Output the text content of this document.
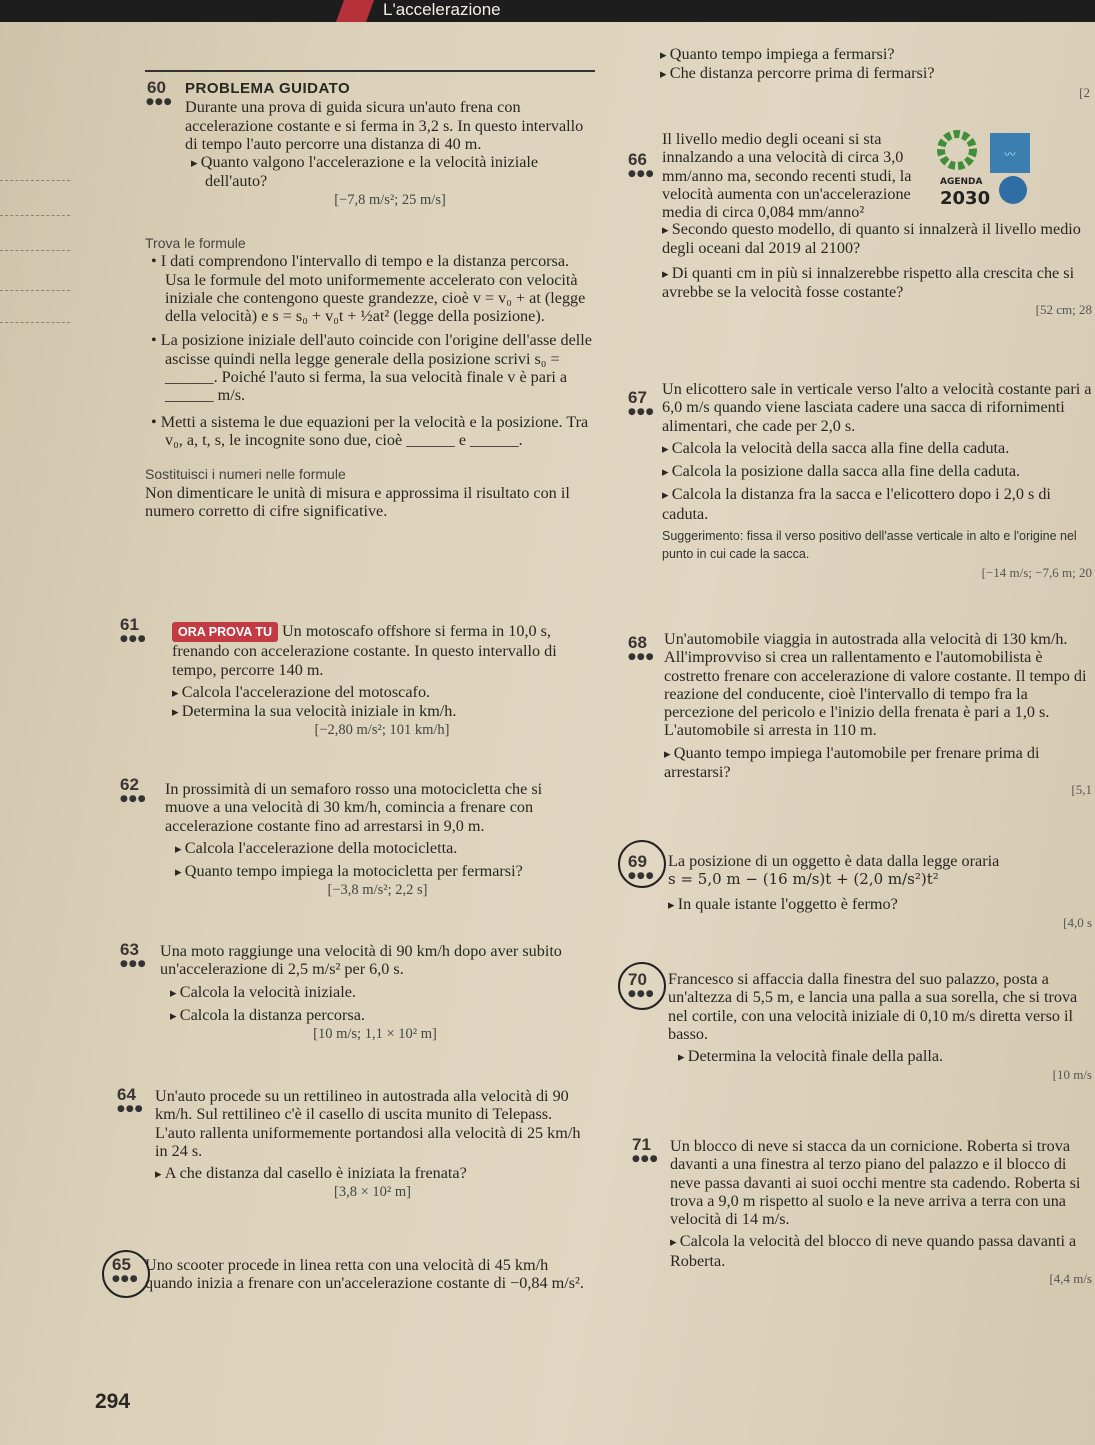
L'accelerazione
60
●●●
PROBLEMA GUIDATO

Durante una prova di guida sicura un'auto frena con accelerazione costante e si ferma in 3,2 s. In questo intervallo di tempo l'auto percorre una distanza di 40 m.

▸ Quanto valgono l'accelerazione e la velocità iniziale dell'auto?

[−7,8 m/s²; 25 m/s]

Trova le formule

• I dati comprendono l'intervallo di tempo e la distanza percorsa. Usa le formule del moto uniformemente accelerato con velocità iniziale che contengono queste grandezze, cioè v = v₀ + at (legge della velocità) e s = s₀ + v₀t + ½at² (legge della posizione).

• La posizione iniziale dell'auto coincide con l'origine dell'asse delle ascisse quindi nella legge generale della posizione scrivi s₀ = ______. Poiché l'auto si ferma, la sua velocità finale v è pari a ______ m/s.

• Metti a sistema le due equazioni per la velocità e la posizione. Tra v₀, a, t, s, le incognite sono due, cioè ______ e ______.

Sostituisci i numeri nelle formule

Non dimenticare le unità di misura e approssima il risultato con il numero corretto di cifre significative.

61
●●●	ORA PROVA TU Un motoscafo offshore si ferma in 10,0 s, frenando con accelerazione costante. In questo intervallo di tempo, percorre 140 m.

▸ Calcola l'accelerazione del motoscafo.

▸ Determina la sua velocità iniziale in km/h.

[−2,80 m/s²; 101 km/h]

62
●●●

In prossimità di un semaforo rosso una motocicletta che si muove a una velocità di 30 km/h, comincia a frenare con accelerazione costante fino ad arrestarsi in 9,0 m.

▸ Calcola l'accelerazione della motocicletta.

▸ Quanto tempo impiega la motocicletta per fermarsi?

[−3,8 m/s²; 2,2 s]

63
●●●

Una moto raggiunge una velocità di 90 km/h dopo aver subito un'accelerazione di 2,5 m/s² per 6,0 s.

▸ Calcola la velocità iniziale.

▸ Calcola la distanza percorsa.

[10 m/s; 1,1 × 10² m]

64
●●●

Un'auto procede su un rettilineo in autostrada alla velocità di 90 km/h. Sul rettilineo c'è il casello di uscita munito di Telepass. L'auto rallenta uniformemente portandosi alla velocità di 25 km/h in 24 s.

▸ A che distanza dal casello è iniziata la frenata?

[3,8 × 10² m]

65
●●●

Uno scooter procede in linea retta con una velocità di 45 km/h quando inizia a frenare con un'accelerazione costante di −0,84 m/s².

294

▸ Quanto tempo impiega a fermarsi?

▸ Che distanza percorre prima di fermarsi?

[2

66
●●●

Il livello medio degli oceani si sta innalzando a una velocità di circa 3,0 mm/anno ma, secondo recenti studi, la velocità aumenta con un'accelerazione media di circa 0,084 mm/anno²

〰
AGENDA
2030

▸ Secondo questo modello, di quanto si innalzerà il livello medio degli oceani dal 2019 al 2100?

▸ Di quanti cm in più si innalzerebbe rispetto alla crescita che si avrebbe se la velocità fosse costante?

[52 cm; 28

67
●●●

Un elicottero sale in verticale verso l'alto a velocità costante pari a 6,0 m/s quando viene lasciata cadere una sacca di rifornimenti alimentari, che cade per 2,0 s.

▸ Calcola la velocità della sacca alla fine della caduta.

▸ Calcola la posizione dalla sacca alla fine della caduta.

▸ Calcola la distanza fra la sacca e l'elicottero dopo i 2,0 s di caduta.

Suggerimento: fissa il verso positivo dell'asse verticale in alto e l'origine nel punto in cui cade la sacca.

[−14 m/s; −7,6 m; 20

68
●●●

Un'automobile viaggia in autostrada alla velocità di 130 km/h. All'improvviso si crea un rallentamento e l'automobilista è costretto frenare con accelerazione di valore costante. Il tempo di reazione del conducente, cioè l'intervallo di tempo fra la percezione del pericolo e l'inizio della frenata è pari a 1,0 s. L'automobile si arresta in 110 m.

▸ Quanto tempo impiega l'automobile per frenare prima di arrestarsi?

[5,1

69
●●●

La posizione di un oggetto è data dalla legge oraria

s = 5,0 m − (16 m/s)t + (2,0 m/s²)t²

▸ In quale istante l'oggetto è fermo?

[4,0 s

70
●●●

Francesco si affaccia dalla finestra del suo palazzo, posta a un'altezza di 5,5 m, e lancia una palla a sua sorella, che si trova nel cortile, con una velocità iniziale di 0,10 m/s diretta verso il basso.

▸ Determina la velocità finale della palla.

[10 m/s

71
●●●

Un blocco di neve si stacca da un cornicione. Roberta si trova davanti a una finestra al terzo piano del palazzo e il blocco di neve passa davanti ai suoi occhi mentre sta cadendo. Roberta si trova a 9,0 m rispetto al suolo e la neve arriva a terra con una velocità di 14 m/s.

▸ Calcola la velocità del blocco di neve quando passa davanti a Roberta.

[4,4 m/s
